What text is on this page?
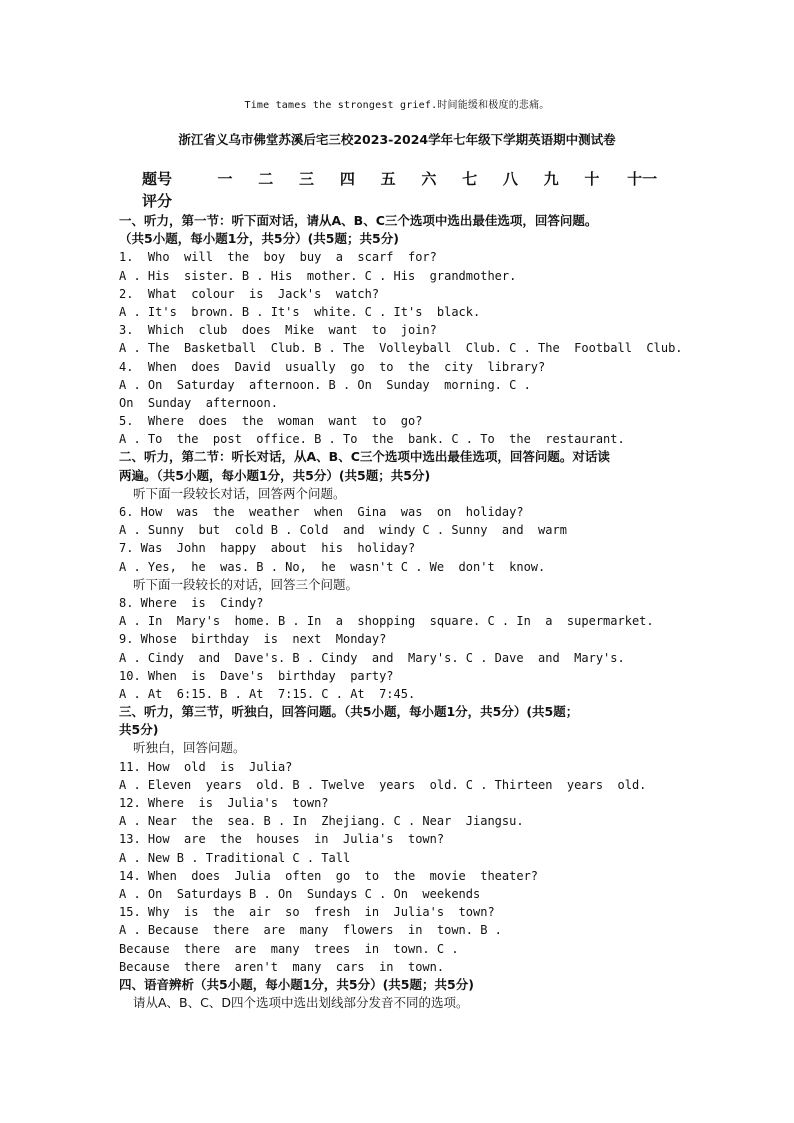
Time tames the strongest grief.时间能缓和极度的悲痛。
浙江省义乌市佛堂苏溪后宅三校2023-2024学年七年级下学期英语期中测试卷
题号	一	二	三	四	五	六	七	八	九	十	十一
评分
一、听力，第一节：听下面对话，请从A、B、C三个选项中选出最佳选项，回答问题。
（共5小题，每小题1分，共5分）(共5题；共5分)
1.  Who  will  the  boy  buy  a  scarf  for?
A . His  sister. B . His  mother. C . His  grandmother.
2.  What  colour  is  Jack's  watch?
A . It's  brown. B . It's  white. C . It's  black.
3.  Which  club  does  Mike  want  to  join?
A . The  Basketball  Club. B . The  Volleyball  Club. C . The  Football  Club.
4.  When  does  David  usually  go  to  the  city  library?
A . On  Saturday  afternoon. B . On  Sunday  morning. C .
On  Sunday  afternoon.
5.  Where  does  the  woman  want  to  go?
A . To  the  post  office. B . To  the  bank. C . To  the  restaurant.
二、听力，第二节：听长对话，从A、B、C三个选项中选出最佳选项，回答问题。对话读
两遍。（共5小题，每小题1分，共5分）(共5题；共5分)
听下面一段较长对话，回答两个问题。
6. How  was  the  weather  when  Gina  was  on  holiday?
A . Sunny  but  cold B . Cold  and  windy C . Sunny  and  warm
7. Was  John  happy  about  his  holiday?
A . Yes,  he  was. B . No,  he  wasn't C . We  don't  know.
听下面一段较长的对话，回答三个问题。
8. Where  is  Cindy?
A . In  Mary's  home. B . In  a  shopping  square. C . In  a  supermarket.
9. Whose  birthday  is  next  Monday?
A . Cindy  and  Dave's. B . Cindy  and  Mary's. C . Dave  and  Mary's.
10. When  is  Dave's  birthday  party?
A . At  6:15. B . At  7:15. C . At  7:45.
三、听力，第三节，听独白，回答问题。（共5小题，每小题1分，共5分）(共5题；
共5分)
听独白，回答问题。
11. How  old  is  Julia?
A . Eleven  years  old. B . Twelve  years  old. C . Thirteen  years  old.
12. Where  is  Julia's  town?
A . Near  the  sea. B . In  Zhejiang. C . Near  Jiangsu.
13. How  are  the  houses  in  Julia's  town?
A . New B . Traditional C . Tall
14. When  does  Julia  often  go  to  the  movie  theater?
A . On  Saturdays B . On  Sundays C . On  weekends
15. Why  is  the  air  so  fresh  in  Julia's  town?
A . Because  there  are  many  flowers  in  town. B .
Because  there  are  many  trees  in  town. C .
Because  there  aren't  many  cars  in  town.
四、语音辨析（共5小题，每小题1分，共5分）(共5题；共5分)
请从A、B、C、D四个选项中选出划线部分发音不同的选项。
